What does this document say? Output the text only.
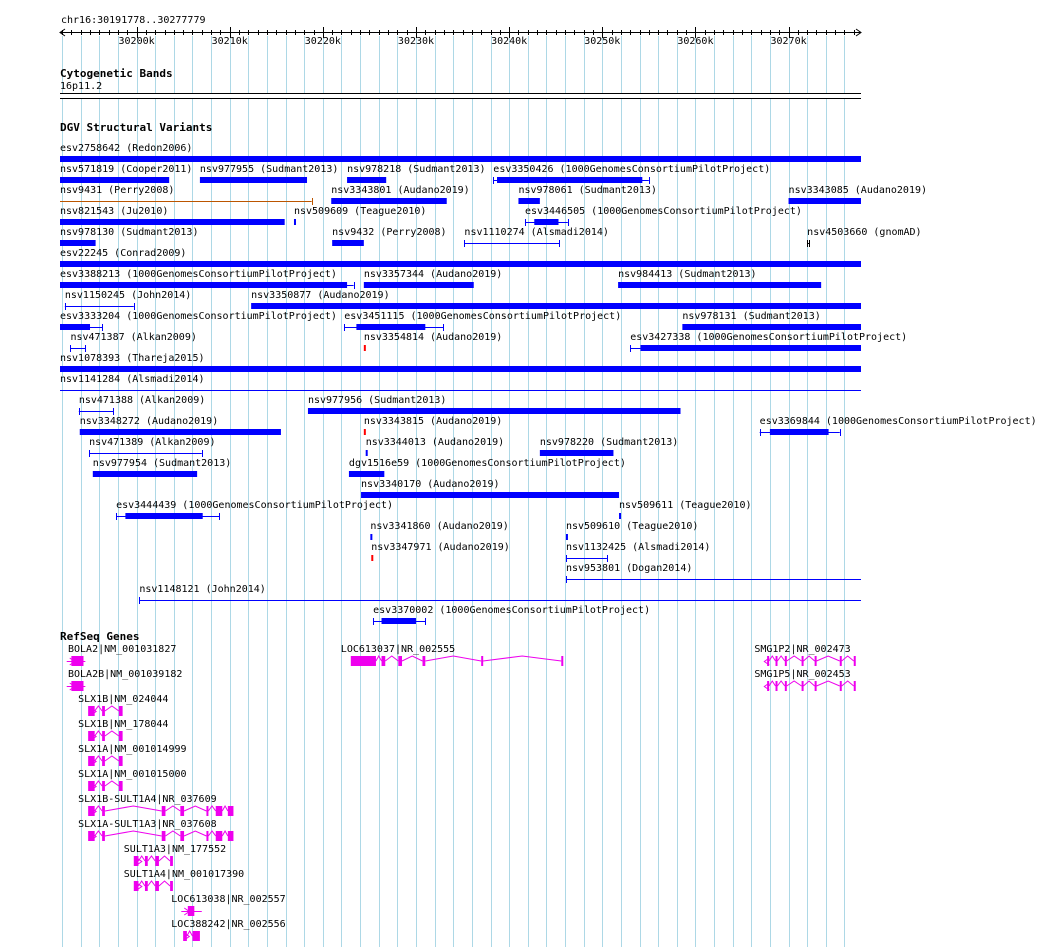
chr16:30191778..30277779
30200k	30210k	30220k	30230k	30240k	30250k	30260k	30270k
Cytogenetic Bands
16p11.2
DGV Structural Variants
RefSeq Genes
esv2758642 (Redon2006)
nsv571819 (Cooper2011) nsv977955 (Sudmant2013) nsv978218 (Sudmant2013) esv3350426 (1000GenomesConsortiumPilotProject)
nsv3343085 (Audano2019)
nsv9431 (Perry2008)	nsv3343801 (Audano2019)
esv3446505 (1000GenomesConsortiumPilotProject)
nsv4503660 (gnomAD)
esv22245 (Conrad2009)
nsv821543 (Ju2010)	nsv509609 (Teague2010)
nsv1110274 (Alsmadi2014)
nsv984413 (Sudmant2013)
nsv978130 (Sudmant2013)
nsv3350877 (Audano2019)
esv3388213 (1000GenomesConsortiumPilotProject)	nsv3357344 (Audano2019)
nsv978061 (Sudmant2013)
nsv978131 (Sudmant2013)
esv3333204 (1000GenomesConsortiumPilotProject) esv3451115 (1000GenomesConsortiumPilotProject)
esv3427338 (1000GenomesConsortiumPilotProject)
nsv1078393 (Thareja2015)
nsv1141284 (Alsmadi2014)
nsv1150245 (John2014)
nsv977956 (Sudmant2013)
esv3369844 (1000GenomesConsortiumPilotProject)
nsv471387 (Alkan2009)
nsv9432 (Perry2008)
nsv978220 (Sudmant2013)
nsv471388 (Alkan2009)
dgv1516e59 (1000GenomesConsortiumPilotProject)
nsv3348272 (Audano2019)
nsv3340170 (Audano2019)
nsv509611 (Teague2010)
nsv471389 (Alkan2009)
nsv3354814 (Audano2019)
nsv509610 (Teague2010)
nsv977954 (Sudmant2013)
nsv3343815 (Audano2019)
nsv1132425 (Alsmadi2014)
esv3444439 (1000GenomesConsortiumPilotProject)
nsv953801 (Dogan2014)
nsv1148121 (John2014)
nsv3344013 (Audano2019)
nsv3341860 (Audano2019)
nsv3347971 (Audano2019)
esv3370002 (1000GenomesConsortiumPilotProject)
BOLA2|NM_001031827	LOC613037|NR_002555	SMG1P2|NR_002473
BOLA2B|NM_001039182	SMG1P5|NR_002453
SLX1B|NM_024044
SLX1B|NM_178044
SLX1A|NM_001014999
SLX1A|NM_001015000
SLX1B-SULT1A4|NR_037609
SLX1A-SULT1A3|NR_037608
SULT1A3|NM_177552
SULT1A4|NM_001017390
LOC613038|NR_002557
LOC388242|NR_002556
